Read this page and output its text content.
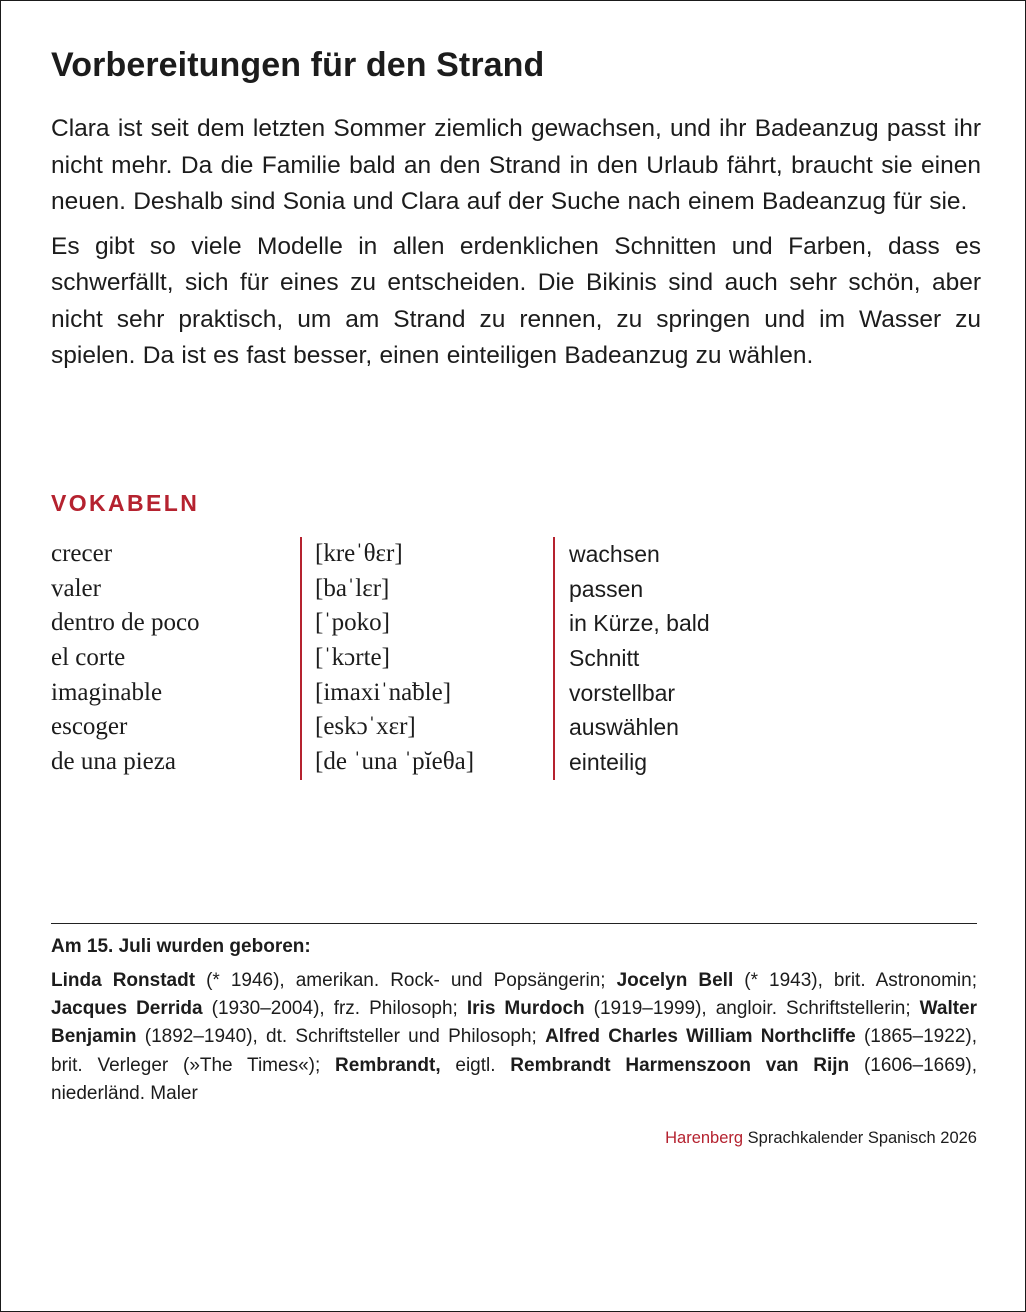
Vorbereitungen für den Strand

Clara ist seit dem letzten Sommer ziemlich gewachsen, und ihr Badeanzug passt ihr nicht mehr. Da die Familie bald an den Strand in den Urlaub fährt, braucht sie einen neuen. Deshalb sind Sonia und Clara auf der Suche nach einem Badeanzug für sie.

Es gibt so viele Modelle in allen erdenklichen Schnitten und Farben, dass es schwerfällt, sich für eines zu entscheiden. Die Bikinis sind auch sehr schön, aber nicht sehr praktisch, um am Strand zu rennen, zu springen und im Wasser zu spielen. Da ist es fast besser, einen einteiligen Badeanzug zu wählen.

VOKABELN
crecer
valer
dentro de poco
el corte
imaginable
escoger
de una pieza
[kreˈθɛr]
[baˈlɛr]
[ˈpoko]
[ˈkɔrte]
[imaxiˈnaƀle]
[eskɔˈxɛr]
[de ˈuna ˈpĭeθa]
wachsen
passen
in Kürze, bald
Schnitt
vorstellbar
auswählen
einteilig
Am 15. Juli wurden geboren:

Linda Ronstadt (* 1946), amerikan. Rock- und Popsängerin; Jocelyn Bell (* 1943), brit. Astronomin; Jacques Derrida (1930–2004), frz. Philosoph; Iris Murdoch (1919–1999), angloir. Schriftstellerin; Walter Benjamin (1892–1940), dt. Schriftsteller und Philosoph; Alfred Charles William Northcliffe (1865–1922), brit. Verleger (»The Times«); Rembrandt, eigtl. Rembrandt Harmenszoon van Rijn (1606–1669), niederländ. Maler

Harenberg Sprachkalender Spanisch 2026
